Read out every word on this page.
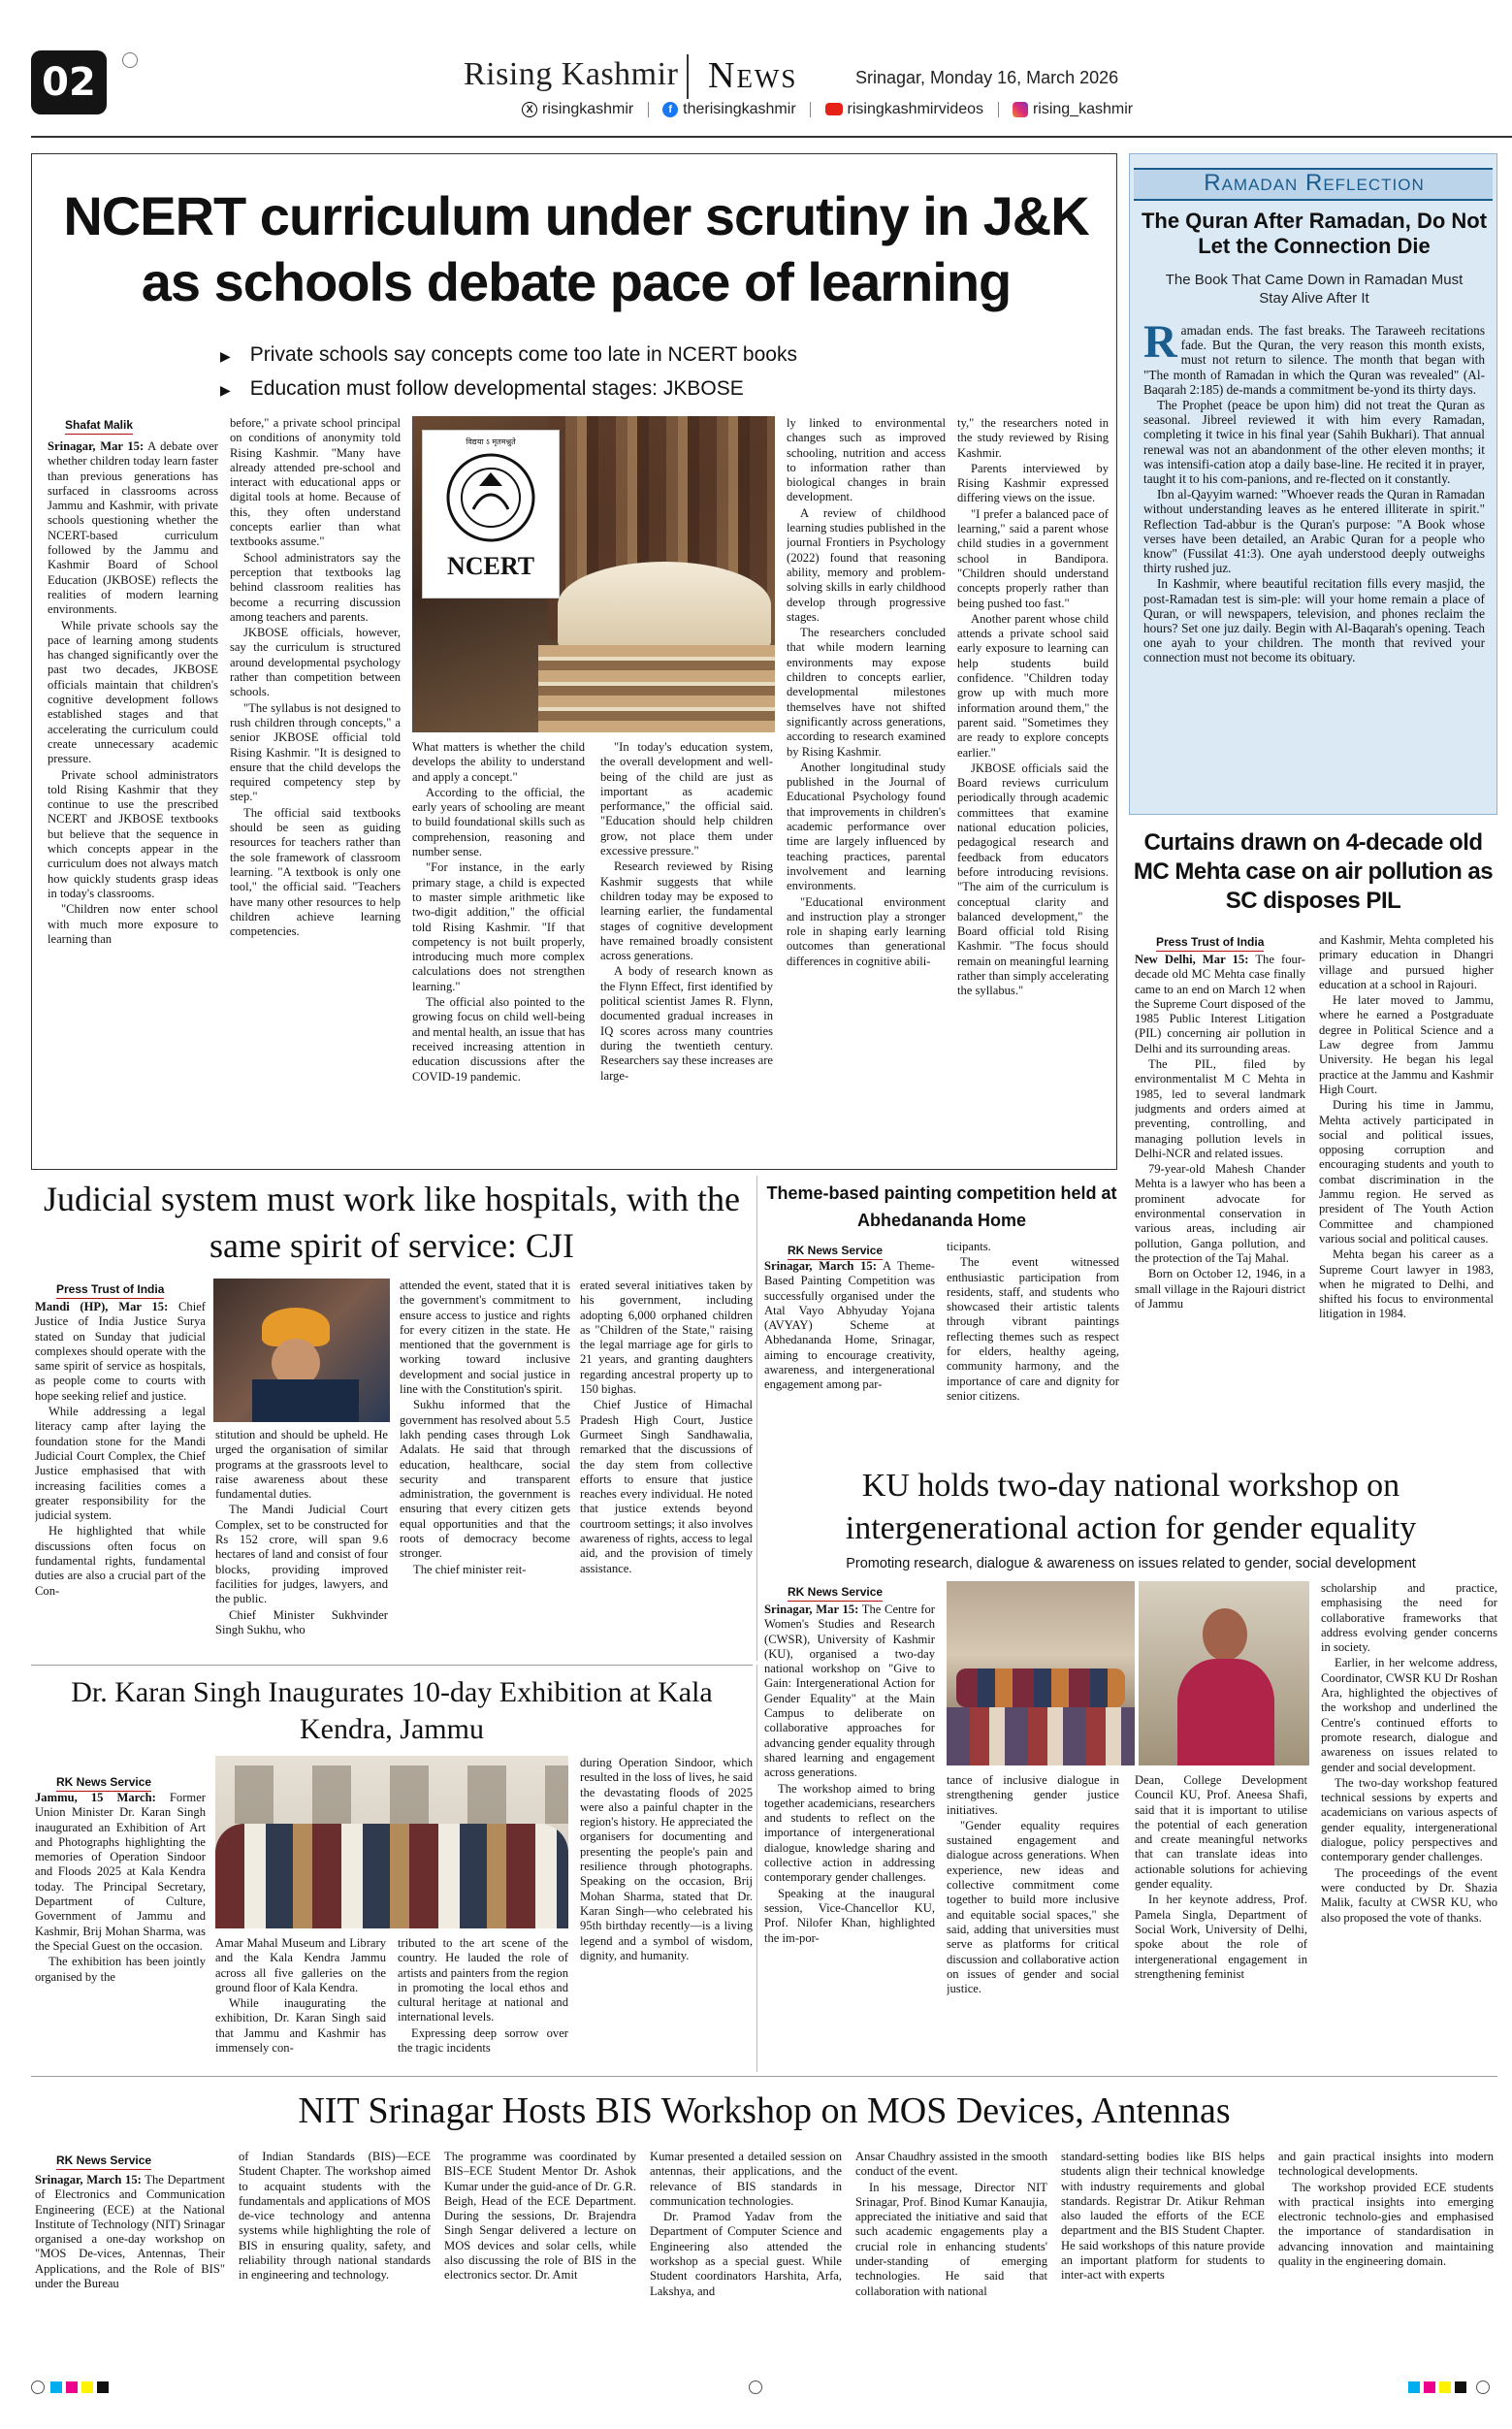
02	Rising Kashmir News	Srinagar, Monday 16, March 2026
X risingkashmir	f therisingkashmir	risingkashmirvideos	rising_kashmir
NCERT curriculum under scrutiny in J&K as schools debate pace of learning
▶ Private schools say concepts come too late in NCERT books
▶ Education must follow developmental stages: JKBOSE
Shafat Malik

Srinagar, Mar 15: A debate over whether children today learn faster than previous generations has surfaced in classrooms across Jammu and Kashmir, with private schools questioning whether the NCERT-based curriculum followed by the Jammu and Kashmir Board of School Education (JKBOSE) reflects the realities of modern learning environments.

While private schools say the pace of learning among students has changed significantly over the past two decades, JKBOSE officials maintain that children's cognitive development follows established stages and that accelerating the curriculum could create unnecessary academic pressure.

Private school administrators told Rising Kashmir that they continue to use the prescribed NCERT and JKBOSE textbooks but believe that the sequence in which concepts appear in the curriculum does not always match how quickly students grasp ideas in today's classrooms.

"Children now enter school with much more exposure to learning than

before," a private school principal on conditions of anonymity told Rising Kashmir. "Many have already attended pre-school and interact with educational apps or digital tools at home. Because of this, they often understand concepts earlier than what textbooks assume."

School administrators say the perception that textbooks lag behind classroom realities has become a recurring discussion among teachers and parents.

JKBOSE officials, however, say the curriculum is structured around developmental psychology rather than competition between schools.

"The syllabus is not designed to rush children through concepts," a senior JKBOSE official told Rising Kashmir. "It is designed to ensure that the child develops the required competency step by step."

The official said textbooks should be seen as guiding resources for teachers rather than the sole framework of classroom learning. "A textbook is only one tool," the official said. "Teachers have many other resources to help children achieve learning competencies.

विद्यया ऽ मृतमश्नुते
NCERT

What matters is whether the child develops the ability to understand and apply a concept."

According to the official, the early years of schooling are meant to build foundational skills such as comprehension, reasoning and number sense.

"For instance, in the early primary stage, a child is expected to master simple arithmetic like two-digit addition," the official told Rising Kashmir. "If that competency is not built properly, introducing much more complex calculations does not strengthen learning."

The official also pointed to the growing focus on child well-being and mental health, an issue that has received increasing attention in education discussions after the COVID-19 pandemic.

"In today's education system, the overall development and well-being of the child are just as important as academic performance," the official said. "Education should help children grow, not place them under excessive pressure."

Research reviewed by Rising Kashmir suggests that while children today may be exposed to learning earlier, the fundamental stages of cognitive development have remained broadly consistent across generations.

A body of research known as the Flynn Effect, first identified by political scientist James R. Flynn, documented gradual increases in IQ scores across many countries during the twentieth century. Researchers say these increases are large-

ly linked to environmental changes such as improved schooling, nutrition and access to information rather than biological changes in brain development.

A review of childhood learning studies published in the journal Frontiers in Psychology (2022) found that reasoning ability, memory and problem-solving skills in early childhood develop through progressive stages.

The researchers concluded that while modern learning environments may expose children to concepts earlier, developmental milestones themselves have not shifted significantly across generations, according to research examined by Rising Kashmir.

Another longitudinal study published in the Journal of Educational Psychology found that improvements in children's academic performance over time are largely influenced by teaching practices, parental involvement and learning environments.

"Educational environment and instruction play a stronger role in shaping early learning outcomes than generational differences in cognitive abili-

ty," the researchers noted in the study reviewed by Rising Kashmir.

Parents interviewed by Rising Kashmir expressed differing views on the issue.

"I prefer a balanced pace of learning," said a parent whose child studies in a government school in Bandipora. "Children should understand concepts properly rather than being pushed too fast."

Another parent whose child attends a private school said early exposure to learning can help students build confidence. "Children today grow up with much more information around them," the parent said. "Sometimes they are ready to explore concepts earlier."

JKBOSE officials said the Board reviews curriculum periodically through academic committees that examine national education policies, pedagogical research and feedback from educators before introducing revisions. "The aim of the curriculum is conceptual clarity and balanced development," the Board official told Rising Kashmir. "The focus should remain on meaningful learning rather than simply accelerating the syllabus."

Ramadan Reflection
The Quran After Ramadan, Do Not Let the Connection Die
The Book That Came Down in Ramadan Must Stay Alive After It

Ramadan ends. The fast breaks. The Taraweeh recitations fade. But the Quran, the very reason this month exists, must not return to silence. The month that began with "The month of Ramadan in which the Quran was revealed" (Al-Baqarah 2:185) de-mands a commitment be-yond its thirty days.

The Prophet (peace be upon him) did not treat the Quran as seasonal. Jibreel reviewed it with him every Ramadan, completing it twice in his final year (Sahih Bukhari). That annual renewal was not an abandonment of the other eleven months; it was intensifi-cation atop a daily base-line. He recited it in prayer, taught it to his com-panions, and re-flected on it constantly.

Ibn al-Qayyim warned: "Whoever reads the Quran in Ramadan without understanding leaves as he entered illiterate in spirit." Reflection Tad-abbur is the Quran's purpose: "A Book whose verses have been detailed, an Arabic Quran for a people who know" (Fussilat 41:3). One ayah understood deeply outweighs thirty rushed juz.

In Kashmir, where beautiful recitation fills every masjid, the post-Ramadan test is sim-ple: will your home remain a place of Quran, or will newspapers, television, and phones reclaim the hours? Set one juz daily. Begin with Al-Baqarah's opening. Teach one ayah to your children. The month that revived your connection must not become its obituary.

Curtains drawn on 4-decade old MC Mehta case on air pollution as SC disposes PIL
Press Trust of India

New Delhi, Mar 15: The four-decade old MC Mehta case finally came to an end on March 12 when the Supreme Court disposed of the 1985 Public Interest Litigation (PIL) concerning air pollution in Delhi and its surrounding areas.

The PIL, filed by environmentalist M C Mehta in 1985, led to several landmark judgments and orders aimed at preventing, controlling, and managing pollution levels in Delhi-NCR and related issues.

79-year-old Mahesh Chander Mehta is a lawyer who has been a prominent advocate for environmental conservation in various areas, including air pollution, Ganga pollution, and the protection of the Taj Mahal.

Born on October 12, 1946, in a small village in the Rajouri district of Jammu

and Kashmir, Mehta completed his primary education in Dhangri village and pursued higher education at a school in Rajouri.

He later moved to Jammu, where he earned a Postgraduate degree in Political Science and a Law degree from Jammu University. He began his legal practice at the Jammu and Kashmir High Court.

During his time in Jammu, Mehta actively participated in social and political issues, opposing corruption and encouraging students and youth to combat discrimination in the Jammu region. He served as president of The Youth Action Committee and championed various social and political causes.

Mehta began his career as a Supreme Court lawyer in 1983, when he migrated to Delhi, and shifted his focus to environmental litigation in 1984.

Judicial system must work like hospitals, with the same spirit of service: CJI
Press Trust of India

Mandi (HP), Mar 15: Chief Justice of India Justice Surya stated on Sunday that judicial complexes should operate with the same spirit of service as hospitals, as people come to courts with hope seeking relief and justice.

While addressing a legal literacy camp after laying the foundation stone for the Mandi Judicial Court Complex, the Chief Justice emphasised that with increasing facilities comes a greater responsibility for the judicial system.

He highlighted that while discussions often focus on fundamental rights, fundamental duties are also a crucial part of the Con-

stitution and should be upheld. He urged the organisation of similar programs at the grassroots level to raise awareness about these fundamental duties.

The Mandi Judicial Court Complex, set to be constructed for Rs 152 crore, will span 9.6 hectares of land and consist of four blocks, providing improved facilities for judges, lawyers, and the public.

Chief Minister Sukhvinder Singh Sukhu, who

attended the event, stated that it is the government's commitment to ensure access to justice and rights for every citizen in the state. He mentioned that the government is working toward inclusive development and social justice in line with the Constitution's spirit.

Sukhu informed that the government has resolved about 5.5 lakh pending cases through Lok Adalats. He said that through education, healthcare, social security and transparent administration, the government is ensuring that every citizen gets equal opportunities and that the roots of democracy become stronger.

The chief minister reit-

erated several initiatives taken by his government, including adopting 6,000 orphaned children as "Children of the State," raising the legal marriage age for girls to 21 years, and granting daughters regarding ancestral property up to 150 bighas.

Chief Justice of Himachal Pradesh High Court, Justice Gurmeet Singh Sandhawalia, remarked that the discussions of the day stem from collective efforts to ensure that justice reaches every individual. He noted that justice extends beyond courtroom settings; it also involves awareness of rights, access to legal aid, and the provision of timely assistance.

Theme-based painting competition held at Abhedananda Home
RK News Service

Srinagar, March 15: A Theme-Based Painting Competition was successfully organised under the Atal Vayo Abhyuday Yojana (AVYAY) Scheme at Abhedananda Home, Srinagar, aiming to encourage creativity, awareness, and intergenerational engagement among par-

ticipants.

The event witnessed enthusiastic participation from residents, staff, and students who showcased their artistic talents through vibrant paintings reflecting themes such as respect for elders, healthy ageing, community harmony, and the importance of care and dignity for senior citizens.

KU holds two-day national workshop on intergenerational action for gender equality
Promoting research, dialogue & awareness on issues related to gender, social development
RK News Service

Srinagar, Mar 15: The Centre for Women's Studies and Research (CWSR), University of Kashmir (KU), organised a two-day national workshop on "Give to Gain: Intergenerational Action for Gender Equality" at the Main Campus to deliberate on collaborative approaches for advancing gender equality through shared learning and engagement across generations.

The workshop aimed to bring together academicians, researchers and students to reflect on the importance of intergenerational dialogue, knowledge sharing and collective action in addressing contemporary gender challenges.

Speaking at the inaugural session, Vice-Chancellor KU, Prof. Nilofer Khan, highlighted the im-por-

tance of inclusive dialogue in strengthening gender justice initiatives.

"Gender equality requires sustained engagement and dialogue across generations. When experience, new ideas and collective commitment come together to build more inclusive and equitable social spaces," she said, adding that universities must serve as platforms for critical discussion and collaborative action on issues of gender and social justice.

Dean, College Development Council KU, Prof. Aneesa Shafi, said that it is important to utilise the potential of each generation and create meaningful networks that can translate ideas into actionable solutions for achieving gender equality.

In her keynote address, Prof. Pamela Singla, Department of Social Work, University of Delhi, spoke about the role of intergenerational engagement in strengthening feminist

scholarship and practice, emphasising the need for collaborative frameworks that address evolving gender concerns in society.

Earlier, in her welcome address, Coordinator, CWSR KU Dr Roshan Ara, highlighted the objectives of the workshop and underlined the Centre's continued efforts to promote research, dialogue and awareness on issues related to gender and social development.

The two-day workshop featured technical sessions by experts and academicians on various aspects of gender equality, intergenerational dialogue, policy perspectives and contemporary gender challenges.

The proceedings of the event were conducted by Dr. Shazia Malik, faculty at CWSR KU, who also proposed the vote of thanks.

Dr. Karan Singh Inaugurates 10-day Exhibition at Kala Kendra, Jammu
RK News Service

Jammu, 15 March: Former Union Minister Dr. Karan Singh inaugurated an Exhibition of Art and Photographs highlighting the memories of Operation Sindoor and Floods 2025 at Kala Kendra today. The Principal Secretary, Department of Culture, Government of Jammu and Kashmir, Brij Mohan Sharma, was the Special Guest on the occasion.

The exhibition has been jointly organised by the

Amar Mahal Museum and Library and the Kala Kendra Jammu across all five galleries on the ground floor of Kala Kendra.

While inaugurating the exhibition, Dr. Karan Singh said that Jammu and Kashmir has immensely con-

tributed to the art scene of the country. He lauded the role of artists and painters from the region in promoting the local ethos and cultural heritage at national and international levels.

Expressing deep sorrow over the tragic incidents

during Operation Sindoor, which resulted in the loss of lives, he said the devastating floods of 2025 were also a painful chapter in the region's history. He appreciated the organisers for documenting and presenting the people's pain and resilience through photographs. Speaking on the occasion, Brij Mohan Sharma, stated that Dr. Karan Singh—who celebrated his 95th birthday recently—is a living legend and a symbol of wisdom, dignity, and humanity.

NIT Srinagar Hosts BIS Workshop on MOS Devices, Antennas
RK News Service

Srinagar, March 15: The Department of Electronics and Communication Engineering (ECE) at the National Institute of Technology (NIT) Srinagar organised a one-day workshop on "MOS De-vices, Antennas, Their Applications, and the Role of BIS" under the Bureau

of Indian Standards (BIS)—ECE Student Chapter. The workshop aimed to acquaint students with the fundamentals and applications of MOS de-vice technology and antenna systems while highlighting the role of BIS in ensuring quality, safety, and reliability through national standards in engineering and technology.

The programme was coordinated by BIS–ECE Student Mentor Dr. Ashok Kumar under the guid-ance of Dr. G.R. Beigh, Head of the ECE Department. During the sessions, Dr. Brajendra Singh Sengar delivered a lecture on MOS devices and solar cells, while also discussing the role of BIS in the electronics sector. Dr. Amit

Kumar presented a detailed session on antennas, their applications, and the relevance of BIS standards in communication technologies.

Dr. Pramod Yadav from the Department of Computer Science and Engineering also attended the workshop as a special guest. While Student coordinators Harshita, Arfa, Lakshya, and

Ansar Chaudhry assisted in the smooth conduct of the event.

In his message, Director NIT Srinagar, Prof. Binod Kumar Kanaujia, appreciated the initiative and said that such academic engagements play a crucial role in enhancing students' under-standing of emerging technologies. He said that collaboration with national

standard-setting bodies like BIS helps students align their technical knowledge with industry requirements and global standards. Registrar Dr. Atikur Rehman also lauded the efforts of the ECE department and the BIS Student Chapter. He said workshops of this nature provide an important platform for students to inter-act with experts

and gain practical insights into modern technological developments.

The workshop provided ECE students with practical insights into emerging electronic technolo-gies and emphasised the importance of standardisation in advancing innovation and maintaining quality in the engineering domain.
